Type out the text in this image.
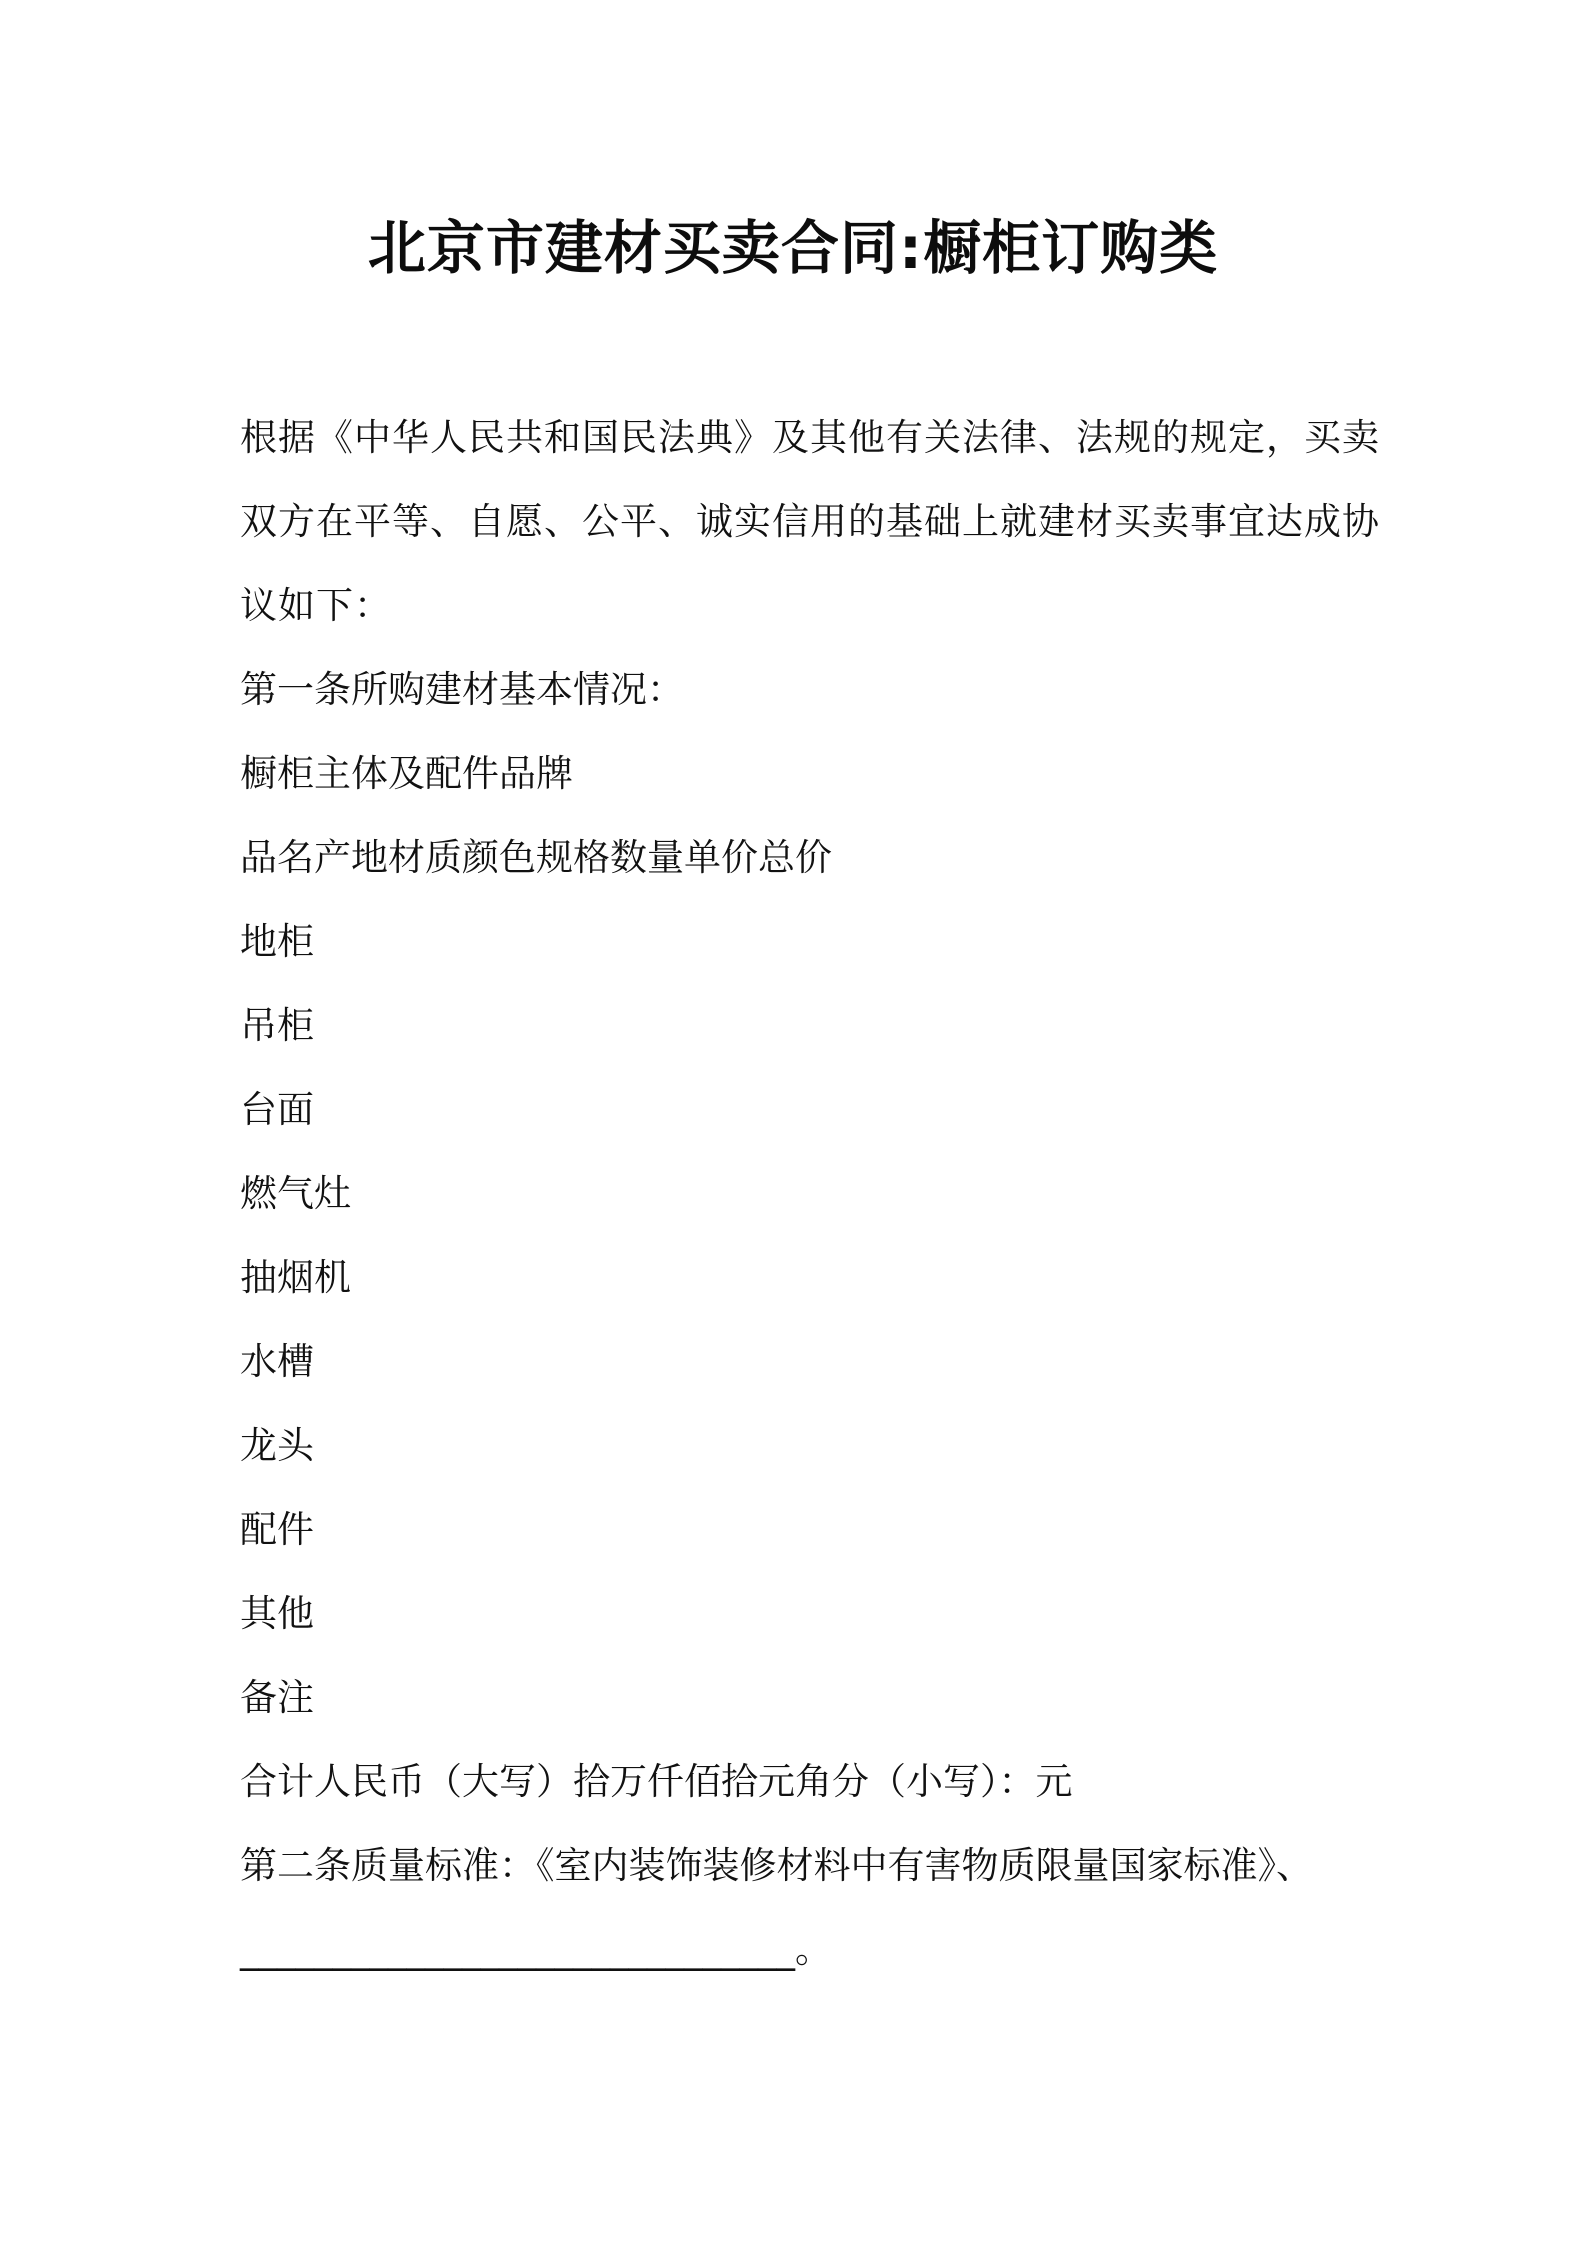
北京市建材买卖合同:橱柜订购类

根据《中华人民共和国民法典》及其他有关法律、法规的规定，买卖

双方在平等、自愿、公平、诚实信用的基础上就建材买卖事宜达成协

议如下：

第一条所购建材基本情况：

橱柜主体及配件品牌

品名产地材质颜色规格数量单价总价

地柜

吊柜

台面

燃气灶

抽烟机

水槽

龙头

配件

其他

备注

合计人民币（大写）拾万仟佰拾元角分（小写）：元

第二条质量标准：《室内装饰装修材料中有害物质限量国家标准》、

______________________________。
